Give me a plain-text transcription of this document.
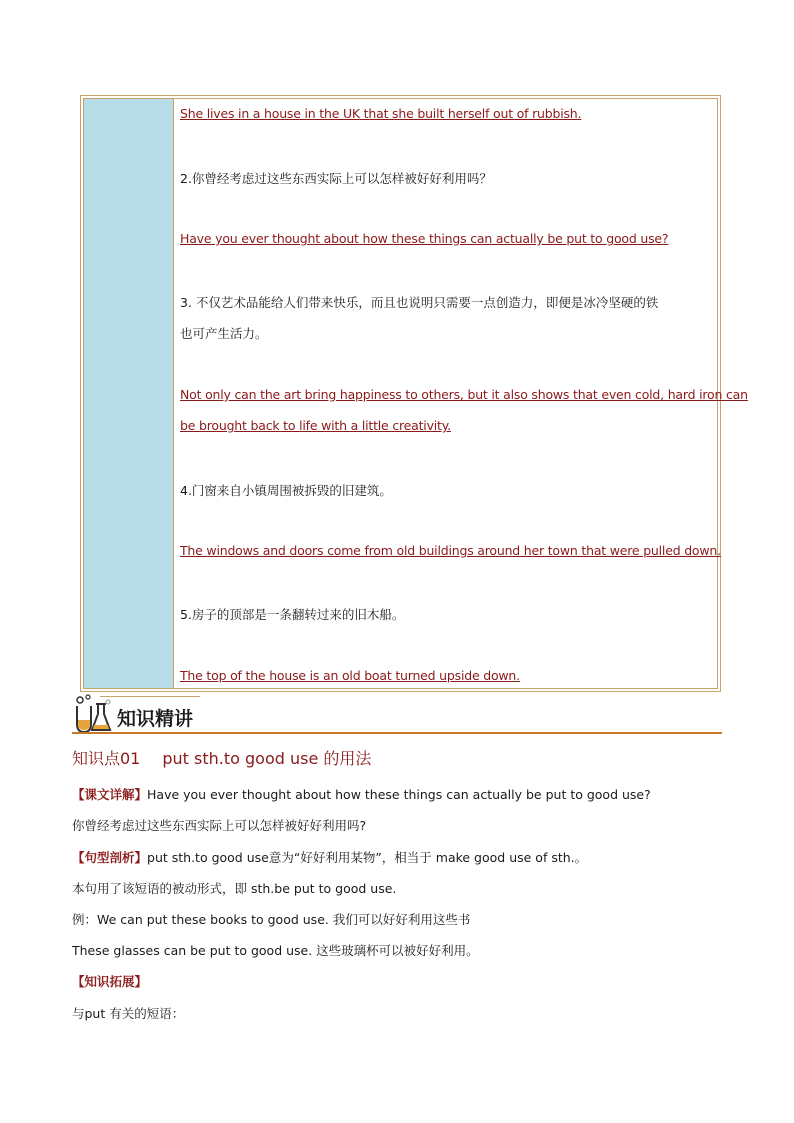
She lives in a house in the UK that she built herself out of rubbish.
2.你曾经考虑过这些东西实际上可以怎样被好好利用吗？
Have you ever thought about how these things can actually be put to good use?
3. 不仅艺术品能给人们带来快乐，而且也说明只需要一点创造力，即便是冰冷坚硬的铁
也可产生活力。
Not only can the art bring happiness to others, but it also shows that even cold, hard iron can
be brought back to life with a little creativity.
4.门窗来自小镇周围被拆毁的旧建筑。
The windows and doors come from old buildings around her town that were pulled down.
5.房子的顶部是一条翻转过来的旧木船。
The top of the house is an old boat turned upside down.
知识精讲
知识点01 put sth.to good use 的用法
【课文详解】Have you ever thought about how these things can actually be put to good use?
你曾经考虑过这些东西实际上可以怎样被好好利用吗?
【句型剖析】put sth.to good use意为“好好利用某物”，相当于 make good use of sth.。
本句用了该短语的被动形式，即 sth.be put to good use.
例：We can put these books to good use. 我们可以好好利用这些书
These glasses can be put to good use. 这些玻璃杯可以被好好利用。
【知识拓展】
与put 有关的短语：
